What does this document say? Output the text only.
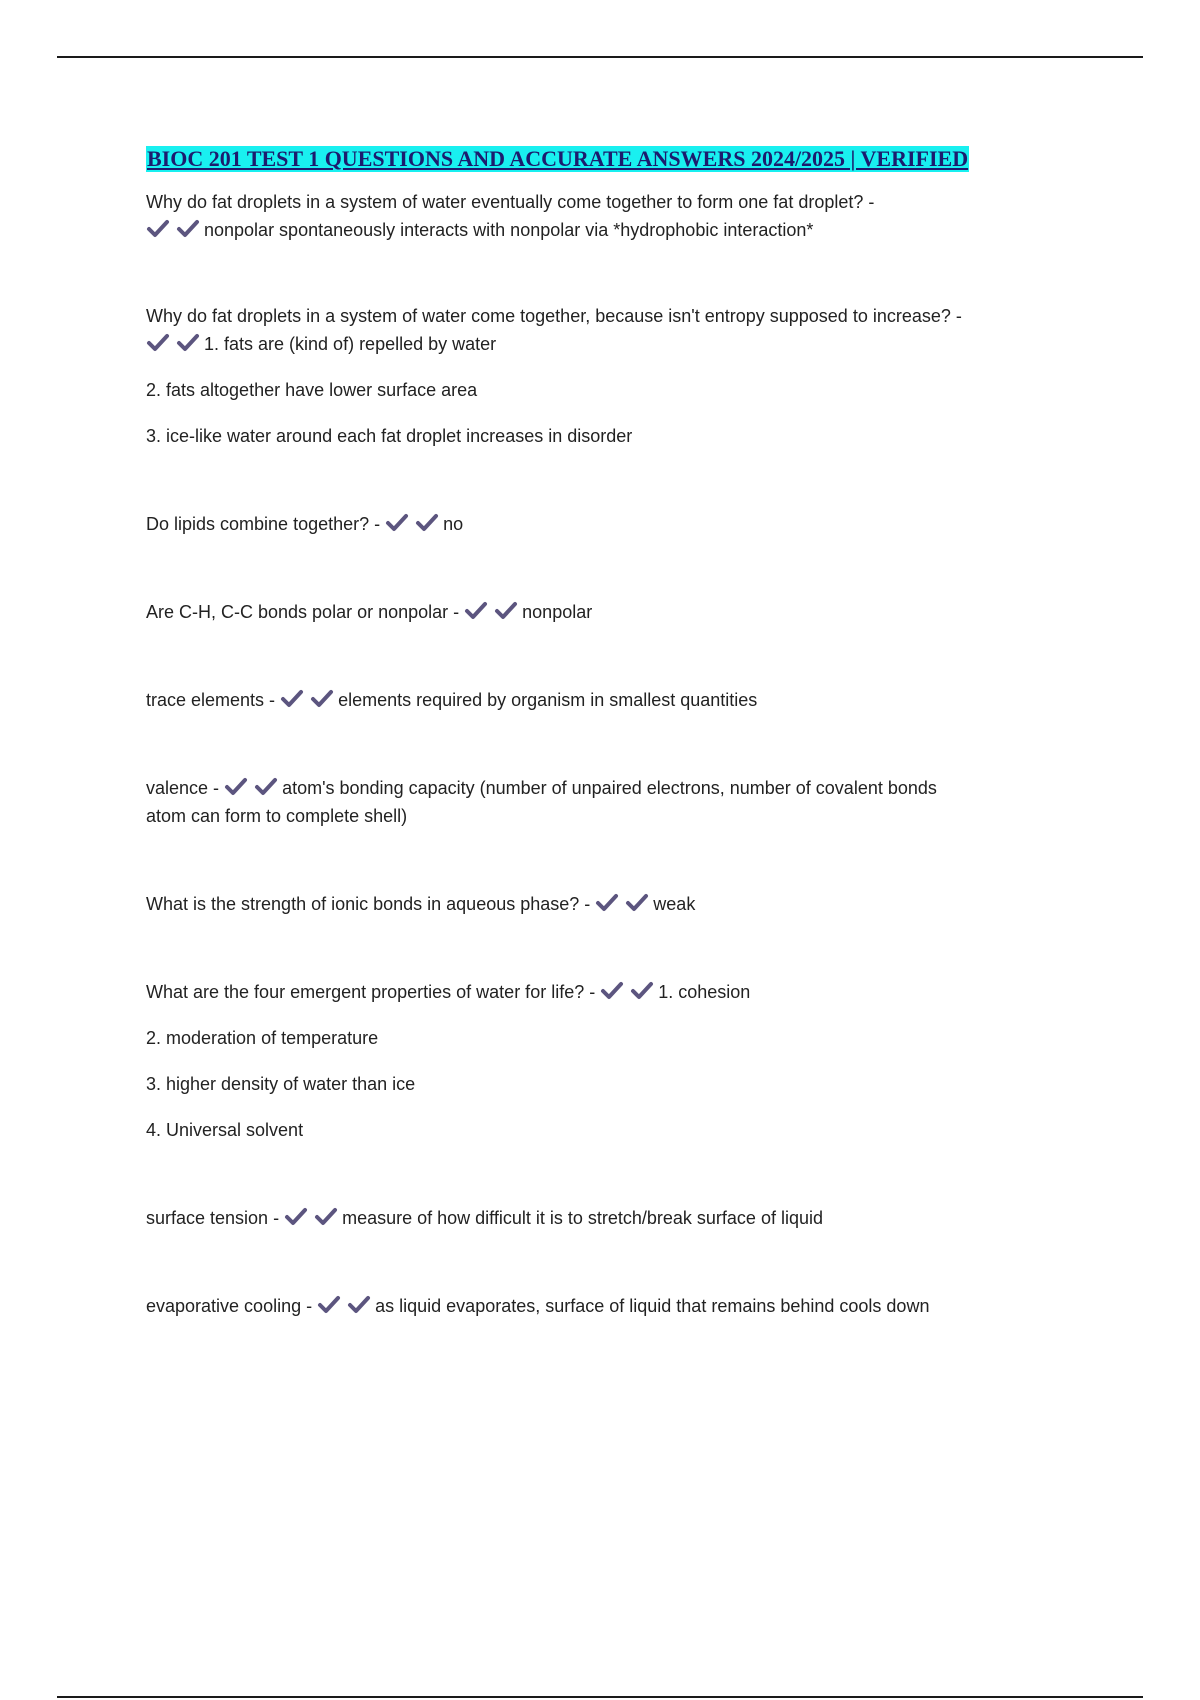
BIOC 201 TEST 1 QUESTIONS AND ACCURATE ANSWERS 2024/2025 | VERIFIED
Why do fat droplets in a system of water eventually come together to form one fat droplet? -
nonpolar spontaneously interacts with nonpolar via *hydrophobic interaction*
Why do fat droplets in a system of water come together, because isn't entropy supposed to increase? -
1. fats are (kind of) repelled by water
2. fats altogether have lower surface area
3. ice-like water around each fat droplet increases in disorder
Do lipids combine together? -	no
Are C-H, C-C bonds polar or nonpolar -	nonpolar
trace elements -	elements required by organism in smallest quantities
valence -	atom's bonding capacity (number of unpaired electrons, number of covalent bonds
atom can form to complete shell)
What is the strength of ionic bonds in aqueous phase? -	weak
What are the four emergent properties of water for life? -	1. cohesion
2. moderation of temperature
3. higher density of water than ice
4. Universal solvent
surface tension -	measure of how difficult it is to stretch/break surface of liquid
evaporative cooling -	as liquid evaporates, surface of liquid that remains behind cools down
